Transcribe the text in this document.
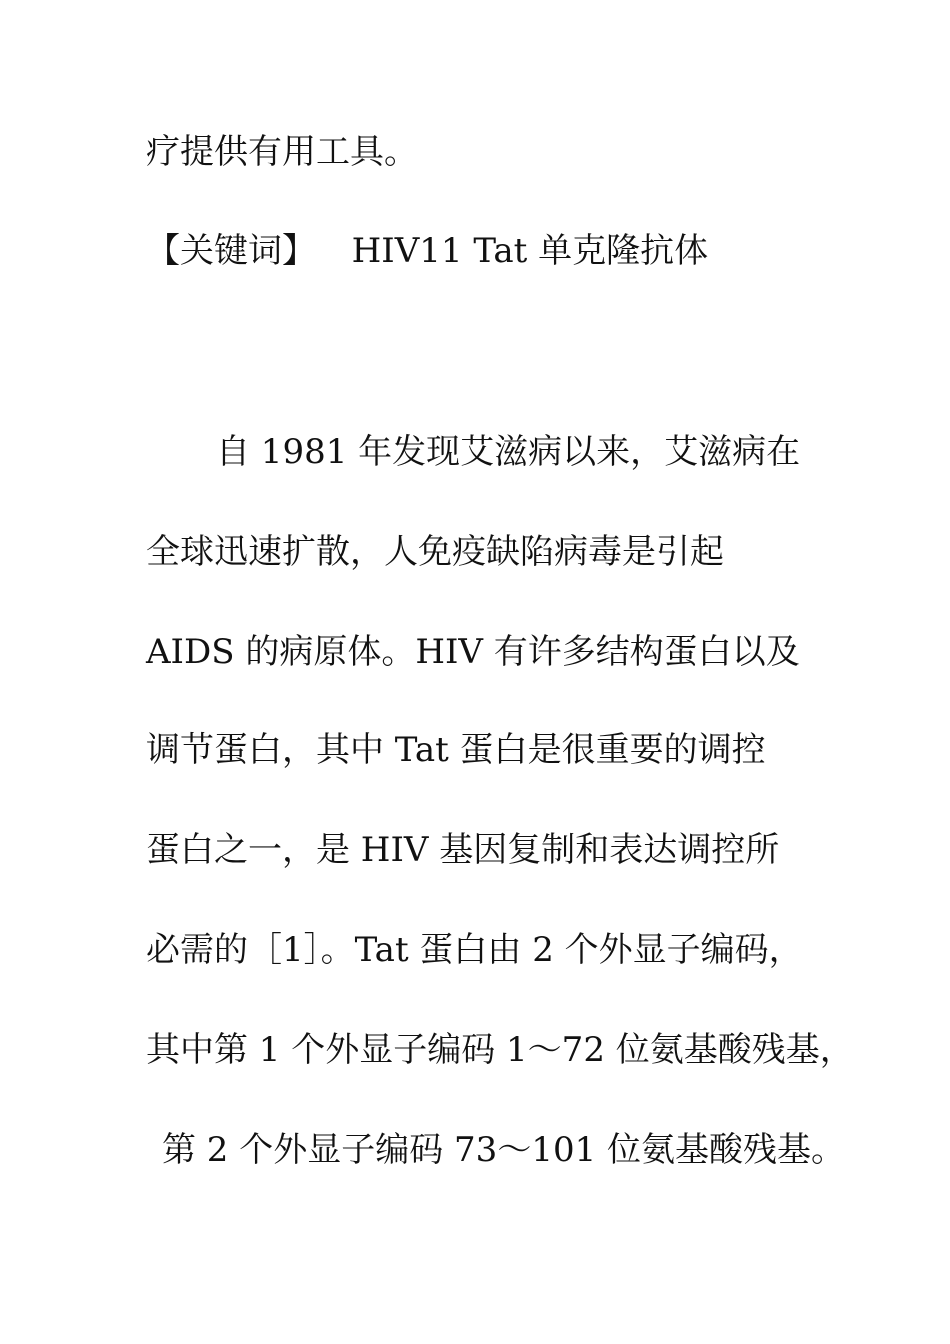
疗提供有用工具。
【关键词】 HIV11 Tat 单克隆抗体
自 1981 年发现艾滋病以来，艾滋病在
全球迅速扩散，人免疫缺陷病毒是引起
AIDS 的病原体。HIV 有许多结构蛋白以及
调节蛋白，其中 Tat 蛋白是很重要的调控
蛋白之一，是 HIV 基因复制和表达调控所
必需的［1］。Tat 蛋白由 2 个外显子编码，
其中第 1 个外显子编码 1～72 位氨基酸残基，
第 2 个外显子编码 73～101 位氨基酸残基。
